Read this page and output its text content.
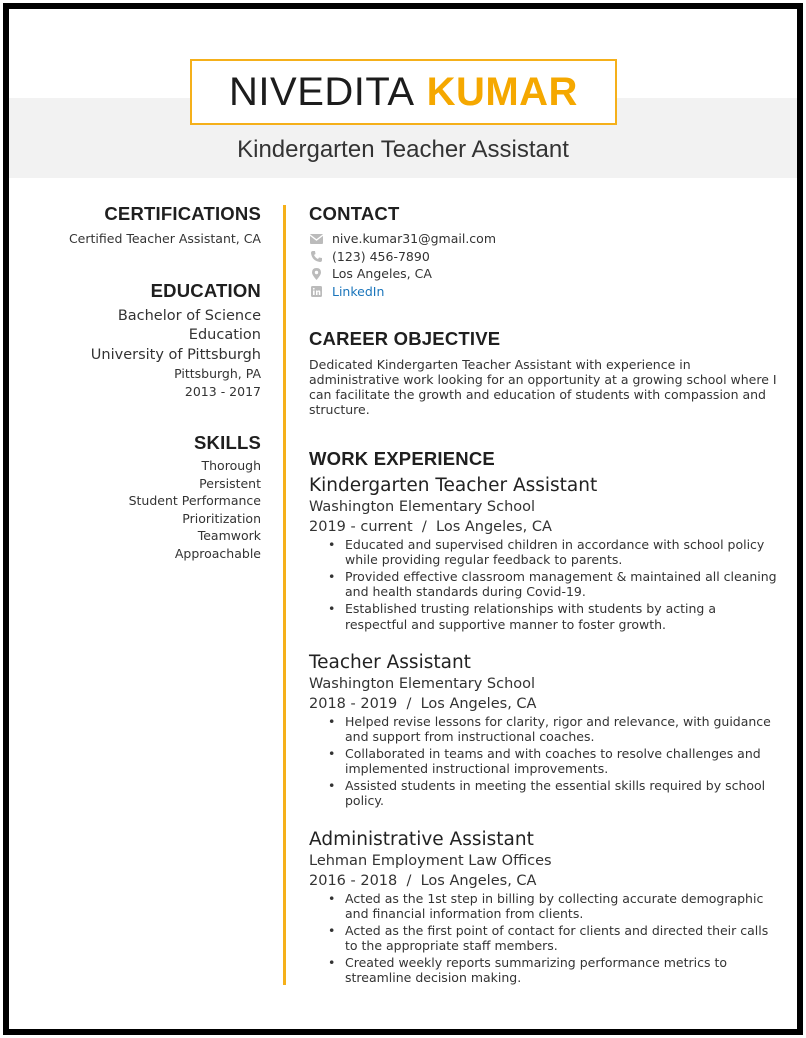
NIVEDITA KUMAR
Kindergarten Teacher Assistant
CERTIFICATIONS
Certified Teacher Assistant, CA
EDUCATION
Bachelor of Science
Education
University of Pittsburgh
Pittsburgh, PA
2013 - 2017
SKILLS
Thorough
Persistent
Student Performance
Prioritization
Teamwork
Approachable
CONTACT
nive.kumar31@gmail.com
(123) 456-7890
Los Angeles, CA
LinkedIn
CAREER OBJECTIVE
Dedicated Kindergarten Teacher Assistant with experience in administrative work looking for an opportunity at a growing school where I can facilitate the growth and education of students with compassion and structure.
WORK EXPERIENCE
Kindergarten Teacher Assistant
Washington Elementary School
2019 - current  /  Los Angeles, CA
• Educated and supervised children in accordance with school policy while providing regular feedback to parents.
• Provided effective classroom management & maintained all cleaning and health standards during Covid-19.
• Established trusting relationships with students by acting a respectful and supportive manner to foster growth.
Teacher Assistant
Washington Elementary School
2018 - 2019  /  Los Angeles, CA
• Helped revise lessons for clarity, rigor and relevance, with guidance and support from instructional coaches.
• Collaborated in teams and with coaches to resolve challenges and implemented instructional improvements.
• Assisted students in meeting the essential skills required by school policy.
Administrative Assistant
Lehman Employment Law Offices
2016 - 2018  /  Los Angeles, CA
• Acted as the 1st step in billing by collecting accurate demographic and financial information from clients.
• Acted as the first point of contact for clients and directed their calls to the appropriate staff members.
• Created weekly reports summarizing performance metrics to streamline decision making.
